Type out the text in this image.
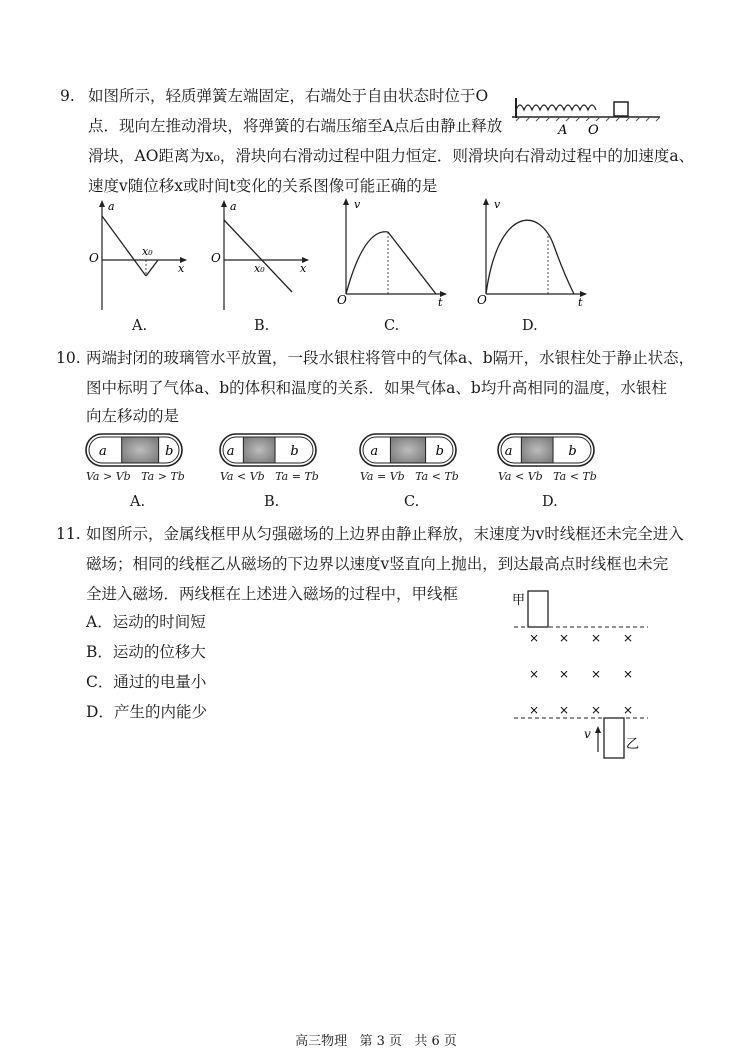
9. 如图所示，轻质弹簧左端固定，右端处于自由状态时位于O
点．现向左推动滑块，将弹簧的右端压缩至A点后由静止释放
滑块，AO距离为x₀，滑块向右滑动过程中阻力恒定．则滑块向右滑动过程中的加速度a、
速度v随位移x或时间t变化的关系图像可能正确的是
A O
a
x
O	x₀
A.
a
x
O
x₀
B.
v
t
O
C.
v
t
O
D.
10. 两端封闭的玻璃管水平放置，一段水银柱将管中的气体a、b隔开，水银柱处于静止状态，
图中标明了气体a、b的体积和温度的关系．如果气体a、b均升高相同的温度，水银柱
向左移动的是
a	b
Va > Vb   Ta > Tb
A.
a	b
Va < Vb   Ta = Tb
B.
a	b
Va = Vb   Ta < Tb
C.
a	b
Va < Vb   Ta < Tb
D.
11. 如图所示，金属线框甲从匀强磁场的上边界由静止释放，末速度为v时线框还未完全进入
磁场；相同的线框乙从磁场的下边界以速度v竖直向上抛出，到达最高点时线框也未完
全进入磁场．两线框在上述进入磁场的过程中，甲线框
A．运动的时间短
B．运动的位移大
C．通过的电量小
D．产生的内能少
甲
× × × ×
× × × ×
× × × ×
乙
v
高三物理   第 3 页   共 6 页
